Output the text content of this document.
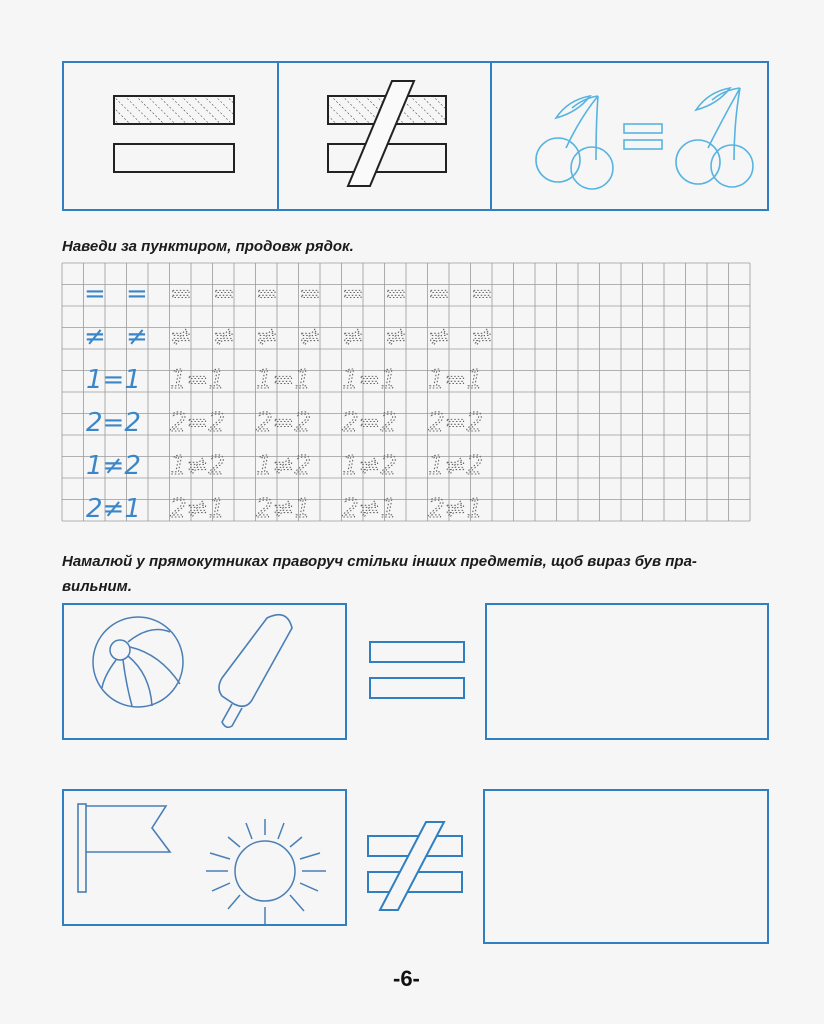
Наведи за пунктиром, продовж рядок.
= = = = = = = = = =
≠ ≠ ≠ ≠ ≠ ≠ ≠ ≠ ≠ ≠
1=1 1=1 1=1 1=1 1=1
2=2 2=2 2=2 2=2 2=2
1≠2 1≠2 1≠2 1≠2 1≠2
2≠1 2≠1 2≠1 2≠1 2≠1
Намалюй у прямокутниках праворуч стільки інших предметів, щоб вираз був пра-
вильним.
-6-
